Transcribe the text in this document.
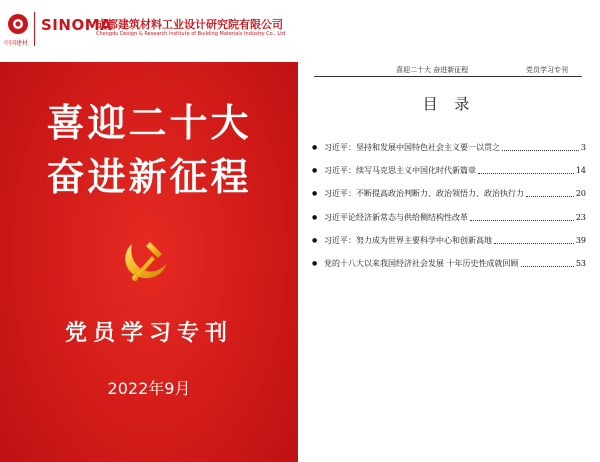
中国建材
SINOMA
成都建筑材料工业设计研究院有限公司
Chengdu Design & Research Institute of Building Materials Industry Co., Ltd
喜迎二十大
奋进新征程
党员学习专刊
2022年9月
喜迎二十大 奋进新征程	党员学习专刊
目 录
● 习近平：坚持和发展中国特色社会主义要一以贯之	3
● 习近平：续写马克思主义中国化时代新篇章	14
● 习近平：不断提高政治判断力、政治领悟力、政治执行力	20
● 习近平论经济新常态与供给侧结构性改革	23
● 习近平：努力成为世界主要科学中心和创新高地	39
● 党的十八大以来我国经济社会发展 十年历史性成就回顾	53
